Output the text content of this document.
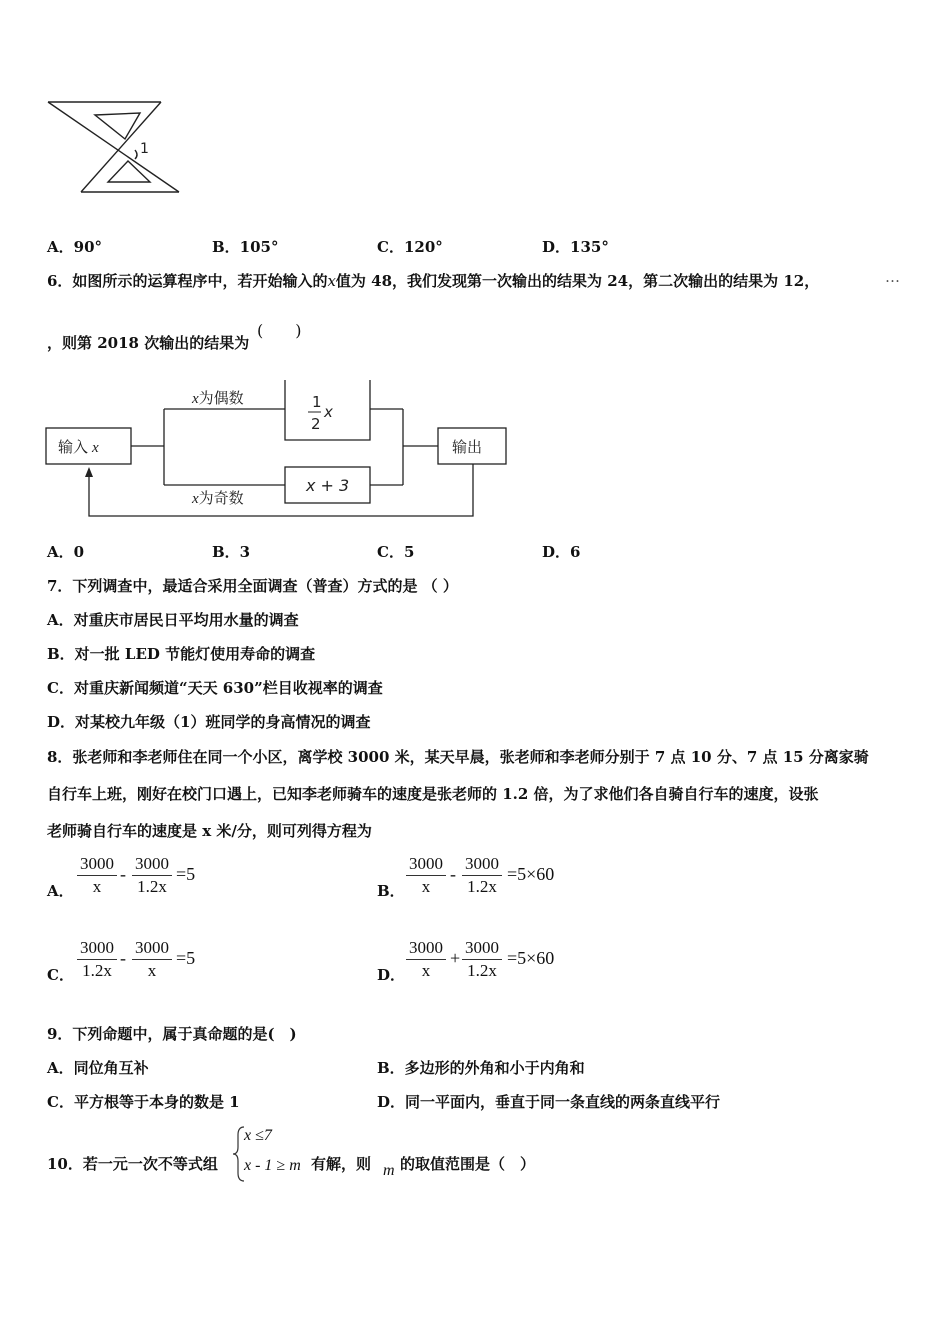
1
A．90°	B．105°	C．120°	D．135°
6．如图所示的运算程序中，若开始输入的x值为 48，我们发现第一次输出的结果为 24，第二次输出的结果为 12，	…
，则第 2018 次输出的结果为
(　　)
输入 x
x为偶数
x为奇数
1
2
x
x + 3
输出
A．0	B．3	C．5	D．6
7．下列调查中，最适合采用全面调查（普查）方式的是 （ ）
A．对重庆市居民日平均用水量的调查
B．对一批 LED 节能灯使用寿命的调查
C．对重庆新闻频道“天天 630”栏目收视率的调查
D．对某校九年级（1）班同学的身高情况的调查
8．张老师和李老师住在同一个小区，离学校 3000 米，某天早晨，张老师和李老师分别于 7 点 10 分、7 点 15 分离家骑
自行车上班，刚好在校门口遇上，已知李老师骑车的速度是张老师的 1.2 倍，为了求他们各自骑自行车的速度，设张
老师骑自行车的速度是 x 米/分，则可列得方程为
A． $\frac{3000}{x} - \frac{3000}{1.2x} =5$
B． $\frac{3000}{x} - \frac{3000}{1.2x} =5\times 60$
C． $\frac{3000}{1.2x} - \frac{3000}{x} =5$
D． $\frac{3000}{x} + \frac{3000}{1.2x} =5\times 60$
9．下列命题中，属于真命题的是(　)
A．同位角互补	B．多边形的外角和小于内角和
C．平方根等于本身的数是 1	D．同一平面内，垂直于同一条直线的两条直线平行
10．若一元一次不等式组
x ≤7
x - 1 ≥ m 有解，则 m 的取值范围是（　）
